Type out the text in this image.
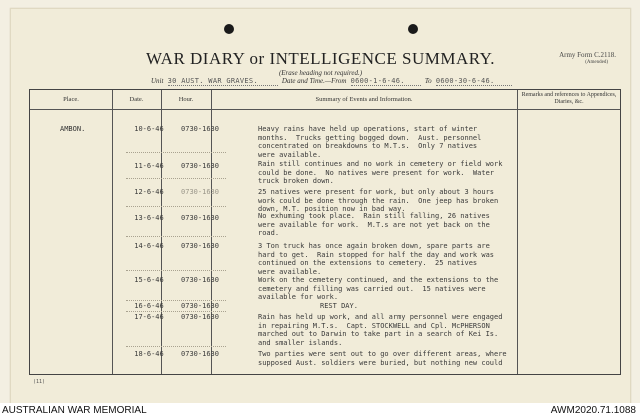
WAR DIARY or INTELLIGENCE SUMMARY.
(Erase heading not required.)
Army Form C.2118.
(Amended)
Unit 30 AUST. WAR GRAVES.	Date and Time.—From 0600-1-6-46.	To 0600-30-6-46.
Place.	Date.	Hour.	Summary of Events and Information.
Remarks and references to Appendices, Diaries, &c.
AMBON.	10-6-46	0730-1630	Heavy rains have held up operations, start of winter
months.  Trucks getting bogged down.  Aust. personnel
concentrated on breakdowns to M.T.s.  Only 7 natives
were available.
11-6-46	0730-1630	Rain still continues and no work in cemetery or field work
could be done.  No natives were present for work.  Water
truck broken down.
12-6-46	0730-1630	25 natives were present for work, but only about 3 hours
work could be done through the rain.  One jeep has broken
down, M.T. position now in bad way.
13-6-46	0730-1630	No exhuming took place.  Rain still falling, 26 natives
were available for work.  M.T.s are not yet back on the
road.
14-6-46	0730-1630	3 Ton truck has once again broken down, spare parts are
hard to get.  Rain stopped for half the day and work was
continued on the extensions to cemetery.  25 natives
were available.
15-6-46	0730-1630	Work on the cemetery continued, and the extensions to the
cemetery and filling was carried out.  15 natives were
available for work.
16-6-46	0730-1630	REST DAY.
17-6-46	0730-1630	Rain has held up work, and all army personnel were engaged
in repairing M.T.s.  Capt. STOCKWELL and Cpl. McPHERSON
marched out to Darwin to take part in a search of Kei Is.
and smaller islands.
18-6-46	0730-1630	Two parties were sent out to go over different areas, where
supposed Aust. soldiers were buried, but nothing new could
(11)
AUSTRALIAN WAR MEMORIAL	AWM2020.71.1088
